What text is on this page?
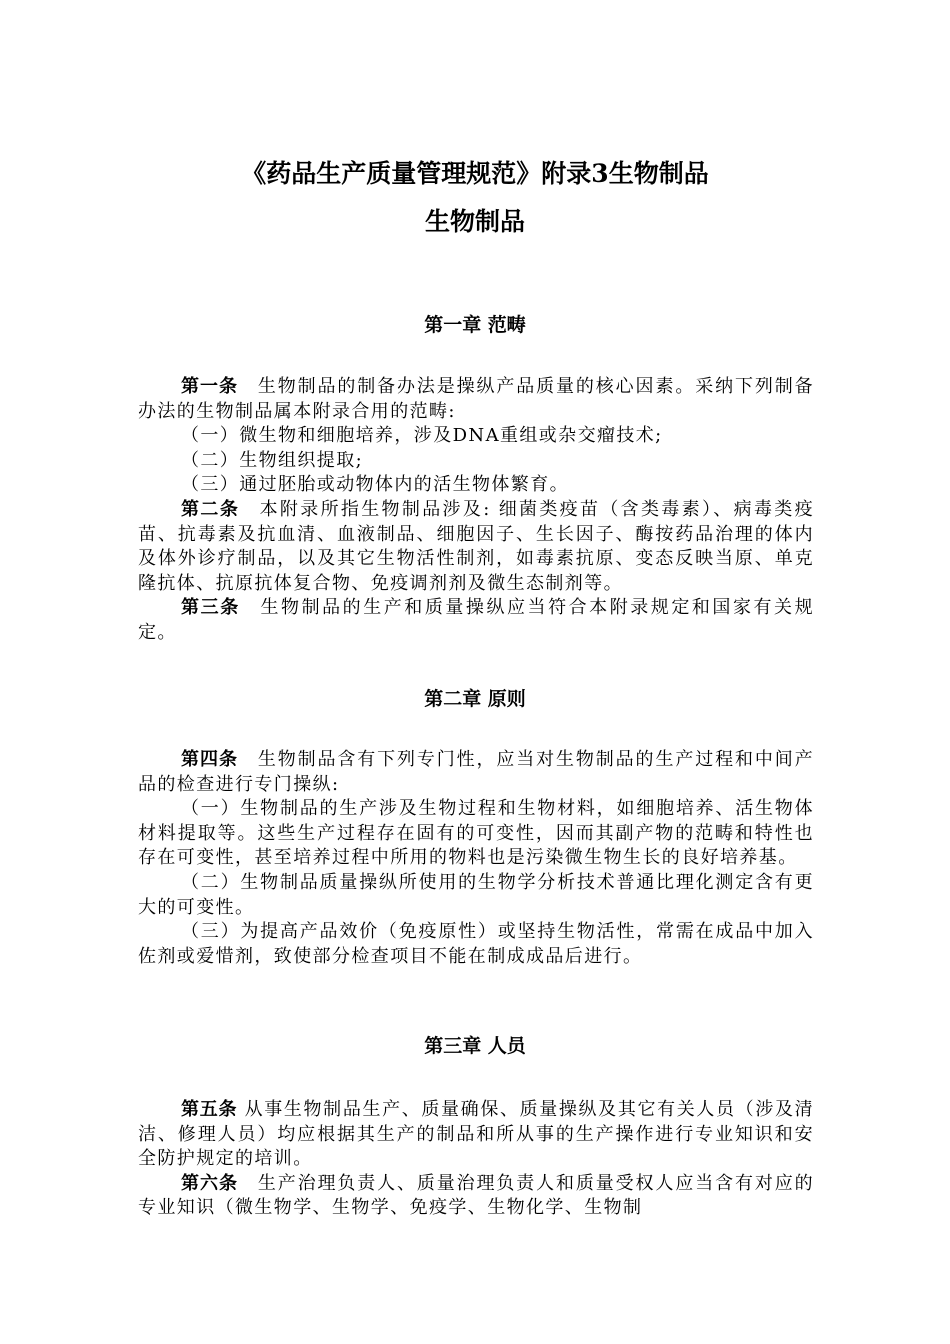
《药品生产质量管理规范》附录3生物制品
生物制品
第一章 范畴

第一条　生物制品的制备办法是操纵产品质量的核心因素。采纳下列制备办法的生物制品属本附录合用的范畴:

（一）微生物和细胞培养，涉及DNA重组或杂交瘤技术;

（二）生物组织提取;

（三）通过胚胎或动物体内的活生物体繁育。

第二条　本附录所指生物制品涉及: 细菌类疫苗（含类毒素）、病毒类疫苗、抗毒素及抗血清、血液制品、细胞因子、生长因子、酶按药品治理的体内及体外诊疗制品，以及其它生物活性制剂，如毒素抗原、变态反映当原、单克隆抗体、抗原抗体复合物、免疫调剂剂及微生态制剂等。

第三条　生物制品的生产和质量操纵应当符合本附录规定和国家有关规定。

第二章 原则

第四条　生物制品含有下列专门性，应当对生物制品的生产过程和中间产品的检查进行专门操纵:

（一）生物制品的生产涉及生物过程和生物材料，如细胞培养、活生物体材料提取等。这些生产过程存在固有的可变性，因而其副产物的范畴和特性也存在可变性，甚至培养过程中所用的物料也是污染微生物生长的良好培养基。

（二）生物制品质量操纵所使用的生物学分析技术普通比理化测定含有更大的可变性。

（三）为提高产品效价（免疫原性）或坚持生物活性，常需在成品中加入佐剂或爱惜剂，致使部分检查项目不能在制成成品后进行。

第三章 人员

第五条 从事生物制品生产、质量确保、质量操纵及其它有关人员（涉及清洁、修理人员）均应根据其生产的制品和所从事的生产操作进行专业知识和安全防护规定的培训。

第六条　生产治理负责人、质量治理负责人和质量受权人应当含有对应的专业知识（微生物学、生物学、免疫学、生物化学、生物制
